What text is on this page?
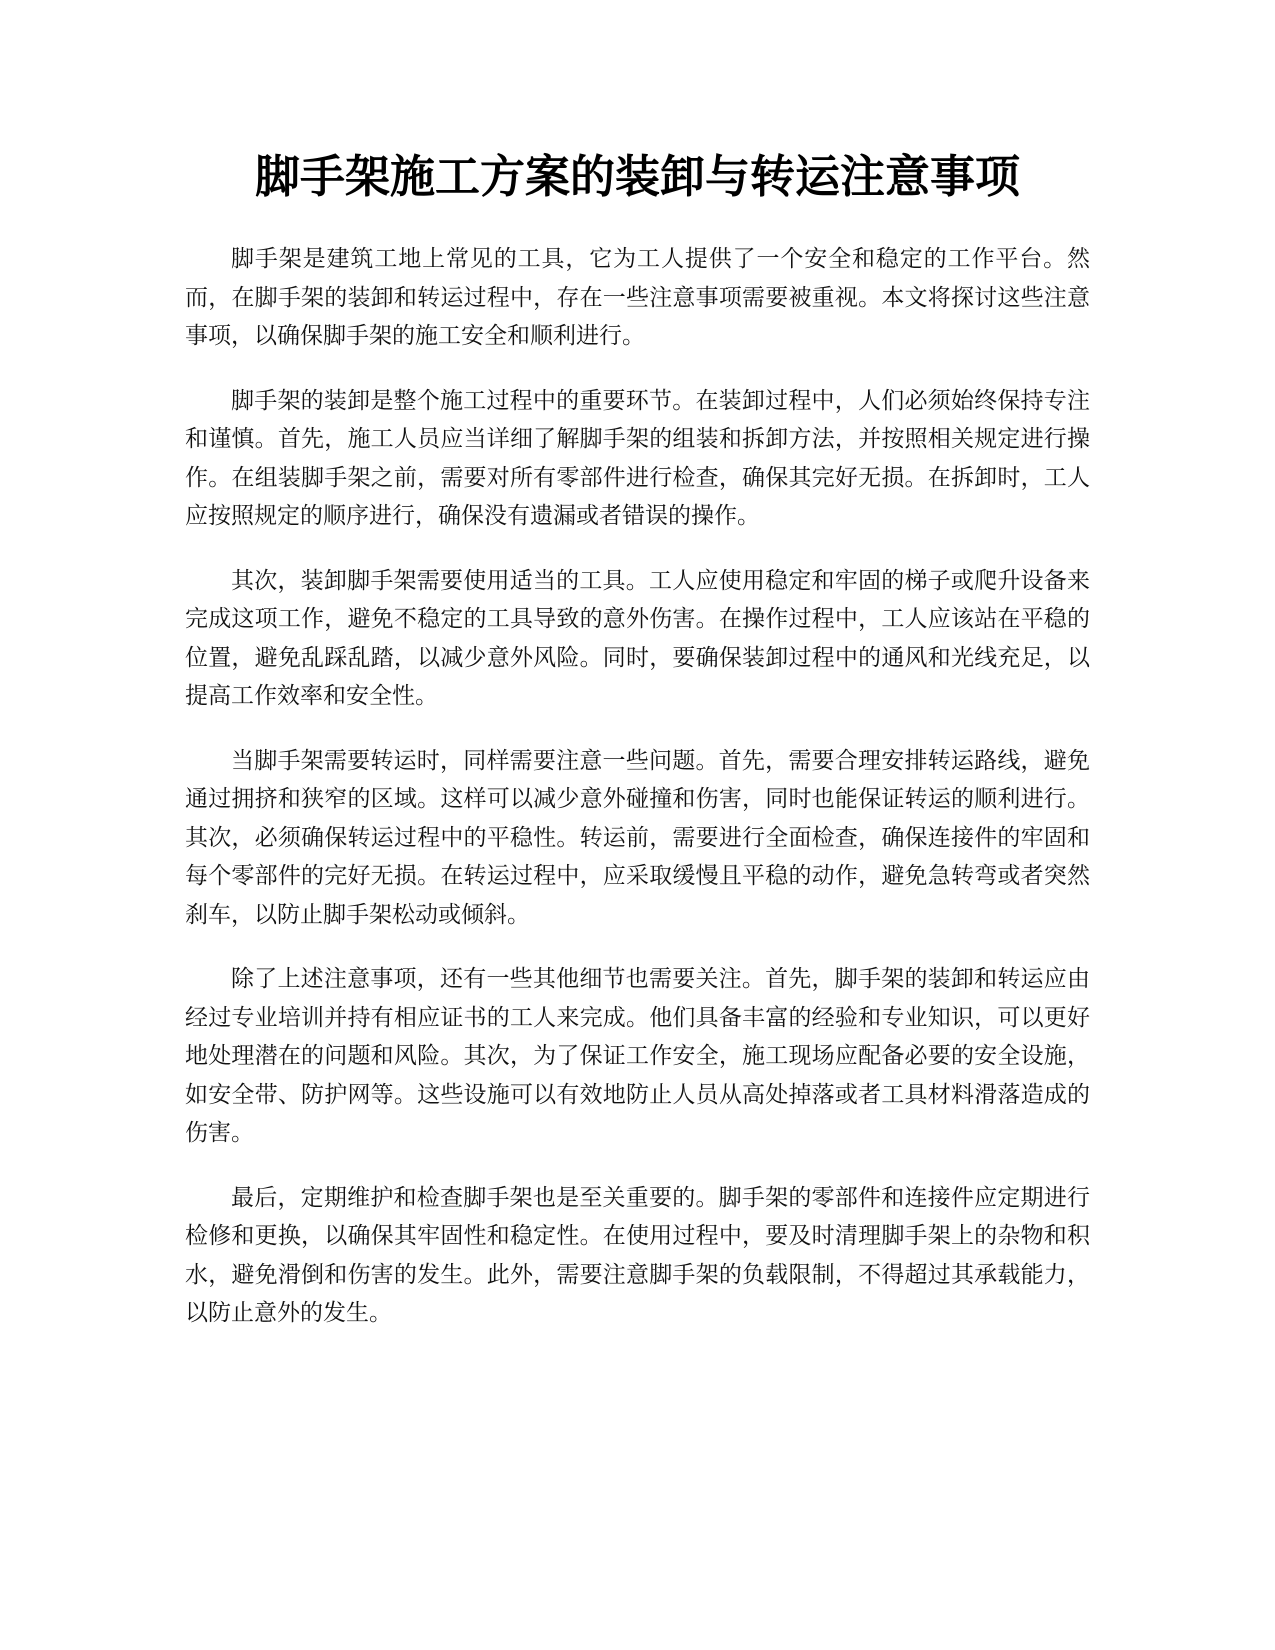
脚手架施工方案的装卸与转运注意事项

脚手架是建筑工地上常见的工具，它为工人提供了一个安全和稳定的工作平台。然而，在脚手架的装卸和转运过程中，存在一些注意事项需要被重视。本文将探讨这些注意事项，以确保脚手架的施工安全和顺利进行。

脚手架的装卸是整个施工过程中的重要环节。在装卸过程中，人们必须始终保持专注和谨慎。首先，施工人员应当详细了解脚手架的组装和拆卸方法，并按照相关规定进行操作。在组装脚手架之前，需要对所有零部件进行检查，确保其完好无损。在拆卸时，工人应按照规定的顺序进行，确保没有遗漏或者错误的操作。

其次，装卸脚手架需要使用适当的工具。工人应使用稳定和牢固的梯子或爬升设备来完成这项工作，避免不稳定的工具导致的意外伤害。在操作过程中，工人应该站在平稳的位置，避免乱踩乱踏，以减少意外风险。同时，要确保装卸过程中的通风和光线充足，以提高工作效率和安全性。

当脚手架需要转运时，同样需要注意一些问题。首先，需要合理安排转运路线，避免通过拥挤和狭窄的区域。这样可以减少意外碰撞和伤害，同时也能保证转运的顺利进行。其次，必须确保转运过程中的平稳性。转运前，需要进行全面检查，确保连接件的牢固和每个零部件的完好无损。在转运过程中，应采取缓慢且平稳的动作，避免急转弯或者突然刹车，以防止脚手架松动或倾斜。

除了上述注意事项，还有一些其他细节也需要关注。首先，脚手架的装卸和转运应由经过专业培训并持有相应证书的工人来完成。他们具备丰富的经验和专业知识，可以更好地处理潜在的问题和风险。其次，为了保证工作安全，施工现场应配备必要的安全设施，如安全带、防护网等。这些设施可以有效地防止人员从高处掉落或者工具材料滑落造成的伤害。

最后，定期维护和检查脚手架也是至关重要的。脚手架的零部件和连接件应定期进行检修和更换，以确保其牢固性和稳定性。在使用过程中，要及时清理脚手架上的杂物和积水，避免滑倒和伤害的发生。此外，需要注意脚手架的负载限制，不得超过其承载能力，以防止意外的发生。
